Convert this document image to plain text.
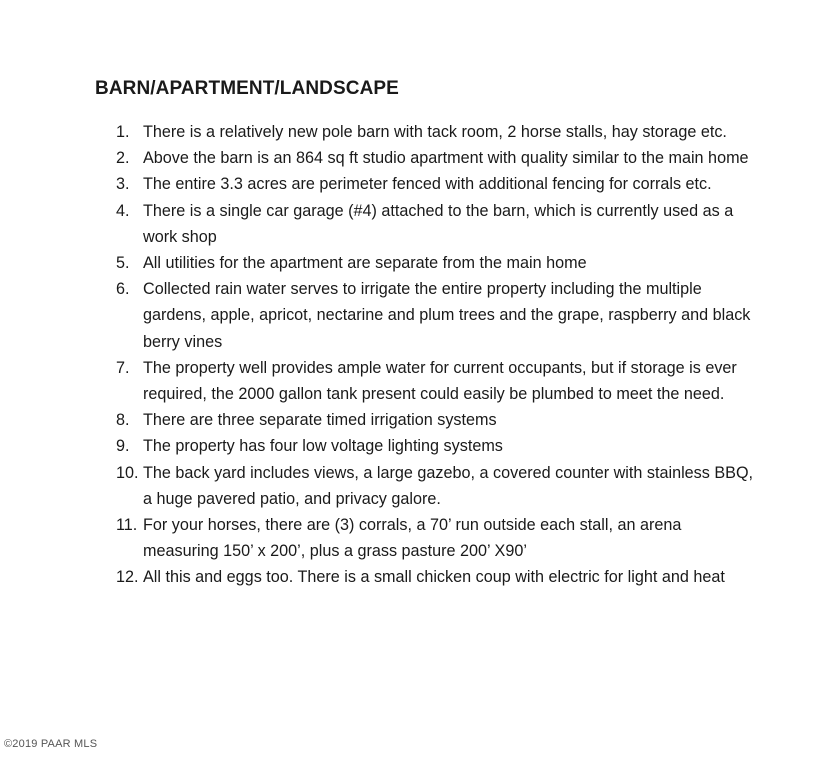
BARN/APARTMENT/LANDSCAPE
1. There is a relatively new pole barn with tack room, 2 horse stalls, hay storage etc.
2. Above the barn is an 864 sq ft studio apartment with quality similar to the main home
3. The entire 3.3 acres are perimeter fenced with additional fencing for corrals etc.
4. There is a single car garage (#4) attached to the barn, which is currently used as a work shop
5. All utilities for the apartment are separate from the main home
6. Collected rain water serves to irrigate the entire property including the multiple gardens, apple, apricot, nectarine and plum trees and the grape, raspberry and black berry vines
7. The property well provides ample water for current occupants, but if storage is ever required, the 2000 gallon tank present could easily be plumbed to meet the need.
8. There are three separate timed irrigation systems
9. The property has four low voltage lighting systems
10. The back yard includes views, a large gazebo, a covered counter with stainless BBQ, a huge pavered patio, and privacy galore.
11. For your horses, there are (3) corrals, a 70’ run outside each stall, an arena measuring 150’ x 200’, plus a grass pasture 200’ X90’
12. All this and eggs too. There is a small chicken coup with electric for light and heat
©2019 PAAR MLS
